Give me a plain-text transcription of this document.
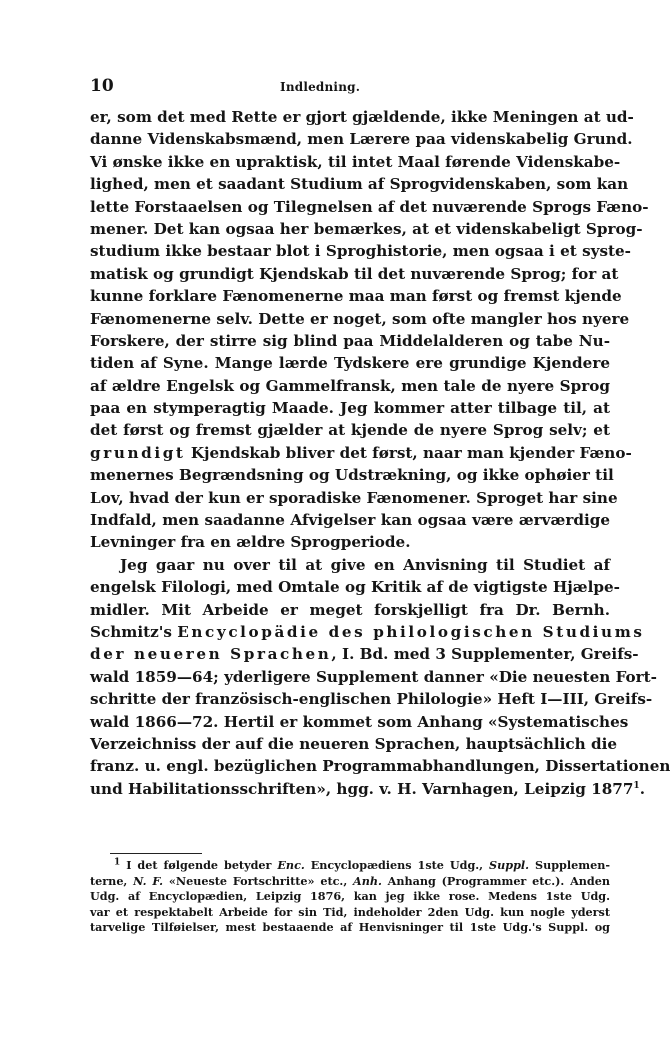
10	Indledning.
er, som det med Rette er gjort gjældende, ikke Meningen at ud-
danne Videnskabsmænd, men Lærere paa videnskabelig Grund.
Vi ønske ikke en upraktisk, til intet Maal førende Videnskabe-
lighed, men et saadant Studium af Sprogvidenskaben, som kan
lette Forstaaelsen og Tilegnelsen af det nuværende Sprogs Fæno-
mener. Det kan ogsaa her bemærkes, at et videnskabeligt Sprog-
studium ikke bestaar blot i Sproghistorie, men ogsaa i et syste-
matisk og grundigt Kjendskab til det nuværende Sprog; for at
kunne forklare Fænomenerne maa man først og fremst kjende
Fænomenerne selv. Dette er noget, som ofte mangler hos nyere
Forskere, der stirre sig blind paa Middelalderen og tabe Nu-
tiden af Syne. Mange lærde Tydskere ere grundige Kjendere
af ældre Engelsk og Gammelfransk, men tale de nyere Sprog
paa en stymperagtig Maade. Jeg kommer atter tilbage til, at
det først og fremst gjælder at kjende de nyere Sprog selv; et
grundigt Kjendskab bliver det først, naar man kjender Fæno-
menernes Begrændsning og Udstrækning, og ikke ophøier til
Lov, hvad der kun er sporadiske Fænomener. Sproget har sine
Indfald, men saadanne Afvigelser kan ogsaa være ærværdige
Levninger fra en ældre Sprogperiode.
Jeg gaar nu over til at give en Anvisning til Studiet af
engelsk Filologi, med Omtale og Kritik af de vigtigste Hjælpe-
midler. Mit Arbeide er meget forskjelligt fra Dr. Bernh.
Schmitz's Encyclopädie des philologischen Studiums
der neueren Sprachen, I. Bd. med 3 Supplementer, Greifs-
wald 1859—64; yderligere Supplement danner «Die neuesten Fort-
schritte der französisch-englischen Philologie» Heft I—III, Greifs-
wald 1866—72. Hertil er kommet som Anhang «Systematisches
Verzeichniss der auf die neueren Sprachen, hauptsächlich die
franz. u. engl. bezüglichen Programmabhandlungen, Dissertationen
und Habilitationsschriften», hgg. v. H. Varnhagen, Leipzig 1877$^1$.
$^1$ I det følgende betyder Enc. Encyclopædiens 1ste Udg., Suppl. Supplemen-
terne, N. F. «Neueste Fortschritte» etc., Anh. Anhang (Programmer etc.). Anden
Udg. af Encyclopædien, Leipzig 1876, kan jeg ikke rose. Medens 1ste Udg.
var et respektabelt Arbeide for sin Tid, indeholder 2den Udg. kun nogle yderst
tarvelige Tilføielser, mest bestaaende af Henvisninger til 1ste Udg.'s Suppl. og
